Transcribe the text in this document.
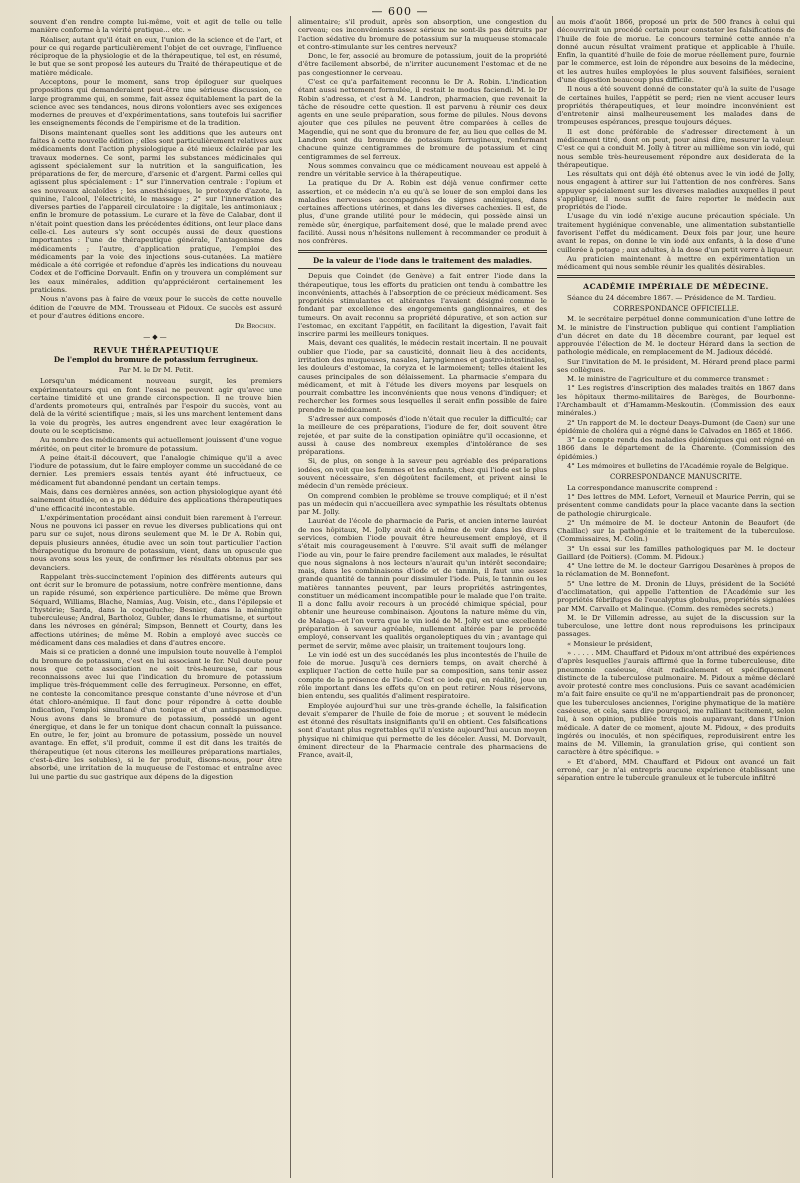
— 600 —

souvent d'en rendre compte lui-même, voit et agit de telle ou telle manière conforme à la vérité pratique... etc. »

Réaliser, autant qu'il était en eux, l'union de la science et de l'art, et pour ce qui regarde particulièrement l'objet de cet ouvrage, l'influence réciproque de la physiologie et de la thérapeutique, tel est, en résumé, le but que se sont proposé les auteurs du Traité de thérapeutique et de matière médicale.

Acceptons, pour le moment, sans trop épiloguer sur quelques propositions qui demanderaient peut-être une sérieuse discussion, ce large programme qui, en somme, fait assez équitablement la part de la science avec ses tendances, nous dirons volontiers avec ses exigences modernes de preuves et d'expérimentations, sans toutefois lui sacrifier les enseignements féconds de l'empirisme et de la tradition.

Disons maintenant quelles sont les additions que les auteurs ont faites à cette nouvelle édition ; elles sont particulièrement relatives aux médicaments dont l'action physiologique a été mieux éclairée par les travaux modernes. Ce sont, parmi les substances médicinales qui agissent spécialement sur la nutrition et la sanguification, les préparations de fer, de mercure, d'arsenic et d'argent. Parmi celles qui agissent plus spécialement : 1° sur l'innervation centrale : l'opium et ses nouveaux alcaloïdes ; les anesthésiques, le protoxyde d'azote, la quinine, l'alcool, l'électricité, le massage ; 2° sur l'innervation des diverses parties de l'appareil circulatoire : la digitale, les antimoniaux ; enfin le bromure de potassium. Le curare et la fève de Calabar, dont il n'était point question dans les précédentes éditions, ont leur place dans celle-ci. Les auteurs s'y sont occupés aussi de deux questions importantes : l'une de thérapeutique générale, l'antagonisme des médicaments ; l'autre, d'application pratique, l'emploi des médicaments par la voie des injections sous-cutanées. La matière médicale a été corrigée et refondue d'après les indications du nouveau Codex et de l'officine Dorvault. Enfin on y trouvera un complément sur les eaux minérales, addition qu'appréciéront certainement les praticiens.

Nous n'avons pas à faire de vœux pour le succès de cette nouvelle édition de l'œuvre de MM. Trousseau et Pidoux. Ce succès est assuré et pour d'autres éditions encore.

Dr Brochin.
—◆—
REVUE THÉRAPEUTIQUE
De l'emploi du bromure de potassium ferrugineux.
Par M. le Dr M. Petit.

Lorsqu'un médicament nouveau surgit, les premiers expérimentateurs qui en font l'essai ne peuvent agir qu'avec une certaine timidité et une grande circonspection. Il ne trouve bien d'ardents promoteurs qui, entraînés par l'espoir du succès, vont au delà de la vérité scientifique ; mais, si les uns marchent lentement dans la voie du progrès, les autres engendrent avec leur exagération le doute ou le scepticisme.

Au nombre des médicaments qui actuellement jouissent d'une vogue méritée, on peut citer le bromure de potassium.

A peine était-il découvert, que l'analogie chimique qu'il a avec l'iodure de potassium, dut le faire employer comme un succédané de ce dernier. Les premiers essais tentés ayant été infructueux, ce médicament fut abandonné pendant un certain temps.

Mais, dans ces dernières années, son action physiologique ayant été sainement étudiée, on a pu en déduire des applications thérapeutiques d'une efficacité incontestable.

L'expérimentation procédant ainsi conduit bien rarement à l'erreur. Nous ne pouvons ici passer en revue les diverses publications qui ont paru sur ce sujet, nous dirons seulement que M. le Dr A. Robin qui, depuis plusieurs années, étudie avec un soin tout particulier l'action thérapeutique du bromure de potassium, vient, dans un opuscule que nous avons sous les yeux, de confirmer les résultats obtenus par ses devanciers.

Rappelant très-succinctement l'opinion des différents auteurs qui ont écrit sur le bromure de potassium, notre confrère mentionne, dans un rapide résumé, son expérience particulière. De même que Brown Séquard, Williams, Blache, Namias, Aug. Voisin, etc., dans l'épilepsie et l'hystérie; Sarda, dans la coqueluche; Besnier, dans la méningite tuberculeuse; Andral, Bartholoz, Gubler, dans le rhumatisme, et surtout dans les névroses en général; Simpson, Bennett et Courty, dans les affections utérines; de même M. Robin a employé avec succès ce médicament dans ces maladies et dans d'autres encore.

Mais si ce praticien a donné une impulsion toute nouvelle à l'emploi du bromure de potassium, c'est en lui associant le fer. Nul doute pour nous que cette association ne soit très-heureuse, car nous reconnaissons avec lui que l'indication du bromure de potassium implique très-fréquemment celle des ferrugineux. Personne, en effet, ne conteste la concomitance presque constante d'une névrose et d'un état chloro-anémique. Il faut donc pour répondre à cette double indication, l'emploi simultané d'un tonique et d'un antispasmodique. Nous avons dans le bromure de potassium, possédé un agent énergique, et dans le fer un tonique dont chacun connaît la puissance. En outre, le fer, joint au bromure de potassium, possède un nouvel avantage. En effet, s'il produit, comme il est dit dans les traités de thérapeutique (et nous citerons les meilleures préparations martiales, c'est-à-dire les solubles), si le fer produit, disons-nous, pour être absorbé, une irritation de la muqueuse de l'estomac et entraîne avec lui une partie du suc gastrique aux dépens de la digestion

alimentaire; s'il produit, après son absorption, une congestion du cerveau; ces inconvénients assez sérieux ne sont-ils pas détruits par l'action sédative du bromure de potassium sur la muqueuse stomacale et contro-stimulante sur les centres nerveux?

Donc, le fer, associé au bromure de potassium, jouit de la propriété d'être facilement absorbé, de n'irriter aucunement l'estomac et de ne pas congestionner le cerveau.

C'est ce qu'a parfaitement reconnu le Dr A. Robin. L'indication étant aussi nettement formulée, il restait le modus faciendi. M. le Dr Robin s'adressa, et c'est à M. Landron, pharmacien, que revenait la tâche de résoudre cette question. Il est parvenu à réunir ces deux agents en une seule préparation, sous forme de pilules. Nous devons ajouter que ces pilules ne peuvent être comparées à celles de Magendie, qui ne sont que du bromure de fer, au lieu que celles de M. Landron sont du bromure de potassium ferrugineux, renfermant chacune quinze centigrammes de bromure de potassium et cinq centigrammes de sel ferreux.

Nous sommes convaincu que ce médicament nouveau est appelé à rendre un véritable service à la thérapeutique.

La pratique du Dr A. Robin est déjà venue confirmer cette assertion, et ce médecin n'a eu qu'à se louer de son emploi dans les maladies nerveuses accompagnées de signes anémiques, dans certaines affections utérines, et dans les diverses cachexies. Il est, de plus, d'une grande utilité pour le médecin, qui possède ainsi un remède sûr, énergique, parfaitement dosé, que le malade prend avec facilité. Aussi nous n'hésitons nullement à recommander ce produit à nos confrères.

De la valeur de l'iode dans le traitement des maladies.

Depuis que Coindet (de Genève) a fait entrer l'iode dans la thérapeutique, tous les efforts du praticien ont tendu à combattre les inconvénients, attachés à l'absorption de ce précieux médicament. Ses propriétés stimulantes et altérantes l'avaient désigné comme le fondant par excellence des engorgements ganglionnaires, et des tumeurs. On avait reconnu sa propriété dépurative, et son action sur l'estomac, en excitant l'appétit, en facilitant la digestion, l'avait fait inscrire parmi les meilleurs toniques.

Mais, devant ces qualités, le médecin restait incertain. Il ne pouvait oublier que l'iode, par sa causticité, donnait lieu à des accidents, irritation des muqueuses, nasales, laryngiennes et gastro-intestinales, les douleurs d'estomac, la coryza et le larmoiement; telles étaient les causes principales de son délaissement. La pharmacie s'empara du médicament, et mit à l'étude les divers moyens par lesquels on pourrait combattre les inconvénients que nous venons d'indiquer; et rechercher les formes sous lesquelles il serait enfin possible de faire prendre le médicament.

S'adresser aux composés d'iode n'était que reculer la difficulté; car la meilleure de ces préparations, l'iodure de fer, doit souvent être rejetée, et par suite de la constipation opiniâtre qu'il occasionne, et aussi à cause des nombreux exemples d'intolérance de ses préparations.

Si, de plus, on songe à la saveur peu agréable des préparations iodées, on voit que les femmes et les enfants, chez qui l'iode est le plus souvent nécessaire, s'en dégoûtent facilement, et privent ainsi le médecin d'un remède précieux.

On comprend combien le problème se trouve compliqué; et il n'est pas un médecin qui n'accueillera avec sympathie les résultats obtenus par M. Jolly.

Lauréat de l'école de pharmacie de Paris, et ancien interne lauréat de nos hôpitaux, M. Jolly avait été à même de voir dans les divers services, combien l'iode pouvait être heureusement employé, et il s'était mis courageusement à l'œuvre. S'il avait suffi de mélanger l'iode au vin, pour le faire prendre facilement aux malades, le résultat que nous signalons à nos lecteurs n'aurait qu'un intérêt secondaire; mais, dans les combinaisons d'iode et de tannin, il faut une assez grande quantité de tannin pour dissimuler l'iode. Puis, le tannin ou les matières tannantes peuvent, par leurs propriétés astringentes, constituer un médicament incompatible pour le malade que l'on traite. Il a donc fallu avoir recours à un procédé chimique spécial, pour obtenir une heureuse combinaison. Ajoutons la nature même du vin, de Malaga—et l'on verra que le vin iodé de M. Jolly est une excellente préparation à saveur agréable, nullement altérée par le procédé employé, conservant les qualités organoleptiques du vin ; avantage qui permet de servir, même avec plaisir, un traitement toujours long.

Le vin iodé est un des succédanés les plus incontestés de l'huile de foie de morue. Jusqu'à ces derniers temps, on avait cherché à expliquer l'action de cette huile par sa composition, sans tenir assez compte de la présence de l'iode. C'est ce iode qui, en réalité, joue un rôle important dans les effets qu'on en peut retirer. Nous réservons, bien entendu, ses qualités d'aliment respiratoire.

Employée aujourd'hui sur une très-grande échelle, la falsification devait s'emparer de l'huile de foie de morue ; et souvent le médecin est étonné des résultats insignifiants qu'il en obtient. Ces falsifications sont d'autant plus regrettables qu'il n'existe aujourd'hui aucun moyen physique ni chimique qui permette de les déceler. Aussi, M. Dorvault, éminent directeur de la Pharmacie centrale des pharmaciens de France, avait-il,

au mois d'août 1866, proposé un prix de 500 francs à celui qui découvrirait un procédé certain pour constater les falsifications de l'huile de foie de morue. Le concours terminé cette année n'a donné aucun résultat vraiment pratique et applicable à l'huile. Enfin, la quantité d'huile de foie de morue réellement pure, fournie par le commerce, est loin de répondre aux besoins de la médecine, et les autres huiles employées le plus souvent falsifiées, seraient d'une digestion beaucoup plus difficile.

Il nous a été souvent donné de constater qu'à la suite de l'usage de certaines huiles, l'appétit se perd; rien ne vient accuser leurs propriétés thérapeutiques, et leur moindre inconvénient est d'entretenir ainsi malheureusement les malades dans de trompeuses espérances, presque toujours déçues.

Il est donc préférable de s'adresser directement à un médicament titré, dont on peut, pour ainsi dire, mesurer la valeur. C'est ce qui a conduit M. Jolly à titrer au millième son vin iodé, qui nous semble très-heureusement répondre aux desiderata de la thérapeutique.

Les résultats qui ont déjà été obtenus avec le vin iodé de Jolly, nous engagent à attirer sur lui l'attention de nos confrères. Sans appuyer spécialement sur les diverses maladies auxquelles il peut s'appliquer, il nous suffit de faire reporter le médecin aux propriétés de l'iode.

L'usage du vin iodé n'exige aucune précaution spéciale. Un traitement hygiénique convenable, une alimentation substantielle favorisent l'effet du médicament. Deux fois par jour, une heure avant le repas, on donne le vin iodé aux enfants, à la dose d'une cuillerée à potage ; aux adultes, à la dose d'un petit verre à liqueur.

Au praticien maintenant à mettre en expérimentation un médicament qui nous semble réunir les qualités désirables.

ACADÉMIE IMPÉRIALE DE MÉDECINE.

Séance du 24 décembre 1867. — Présidence de M. Tardieu.

CORRESPONDANCE OFFICIELLE.

M. le secrétaire perpétuel donne communication d'une lettre de M. le ministre de l'instruction publique qui contient l'ampliation d'un décret en date du 18 décembre courant, par lequel est approuvée l'élection de M. le docteur Hérard dans la section de pathologie médicale, en remplacement de M. Jadioux décédé.

Sur l'invitation de M. le président, M. Hérard prend place parmi ses collègues.

M. le ministre de l'agriculture et du commerce transmet :

1° Les registres d'inscription des malades traités en 1867 dans les hôpitaux thermo-militaires de Barèges, de Bourbonne-l'Archambault et d'Hamamm-Meskoutin. (Commission des eaux minérales.)

2° Un rapport de M. le docteur Deays-Dumont (de Caen) sur une épidémie de choléra qui a régné dans le Calvados en 1865 et 1866.

3° Le compte rendu des maladies épidémiques qui ont régné en 1866 dans le département de la Charente. (Commission des épidémies.)

4° Les mémoires et bulletins de l'Académie royale de Belgique.

CORRESPONDANCE MANUSCRITE.

La correspondance manuscrite comprend :

1° Des lettres de MM. Lefort, Verneuil et Maurice Perrin, qui se présentent comme candidats pour la place vacante dans la section de pathologie chirurgicale.

2° Un mémoire de M. le docteur Antonin de Beaufort (de Chaillac) sur la pathogénie et le traitement de la tuberculose. (Commissaires, M. Colin.)

3° Un essai sur les familles pathologiques par M. le docteur Gaillard (de Poitiers). (Comm. M. Pidoux.)

4° Une lettre de M. le docteur Garrigou Desarènes à propos de la réclamation de M. Bonnefont.

5° Une lettre de M. Dronin de Lluys, président de la Société d'acclimatation, qui appelle l'attention de l'Académie sur les propriétés fébrifuges de l'eucalyptus globulus, propriétés signalées par MM. Carvallo et Malinque. (Comm. des remèdes secrets.)

M. le Dr Villemin adresse, au sujet de la discussion sur la tuberculose, une lettre dont nous reproduisons les principaux passages.

« Monsieur le président,

» . . . . . MM. Chauffard et Pidoux m'ont attribué des expériences d'après lesquelles j'aurais affirmé que la forme tuberculeuse, dite pneumonie caséeuse, était radicalement et spécifiquement distincte de la tuberculose pulmonaire. M. Pidoux a même déclaré avoir protesté contre mes conclusions. Puis ce savant académicien m'a fait faire ensuite ce qu'il ne m'appartiendrait pas de prononcer, que les tuberculoses anciennes, l'origine phymatique de la matière caséeuse, et cela, sans dire pourquoi, me ralliant tacitement, selon lui, à son opinion, publiée trois mois auparavant, dans l'Union médicale. A dater de ce moment, ajoute M. Pidoux, « des produits ingérés ou inoculés, et non spécifiques, reproduisirent entre les mains de M. Villemin, la granulation grise, qui contient son caractère à être spécifique. »

» Et d'abord, MM. Chauffard et Pidoux ont avancé un fait erroné, car je n'ai entrepris aucune expérience établissant une séparation entre le tubercule granuleux et le tubercule infiltré
